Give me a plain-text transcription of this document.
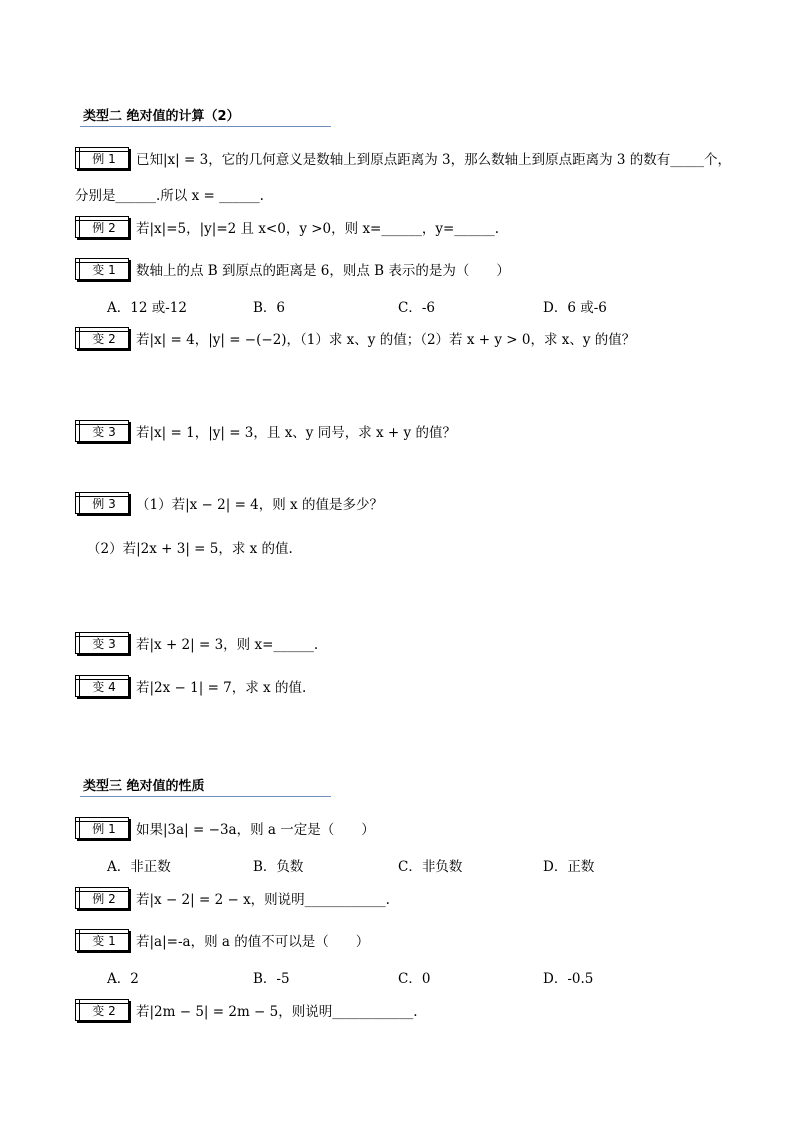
类型二 绝对值的计算（2）
例 1	已知|x| = 3，它的几何意义是数轴上到原点距离为 3，那么数轴上到原点距离为 3 的数有_____个，
分别是______.所以 x = ______.
例 2	若|x|=5，|y|=2 且 x<0，y >0，则 x=______，y=______.
变 1	数轴上的点 B 到原点的距离是 6，则点 B 表示的是为（　　）
A．12 或-12	B．6	C．-6	D．6 或-6
变 2	若|x| = 4，|y| = −(−2)，（1）求 x、y 的值；（2）若 x + y > 0，求 x、y 的值？
变 3	若|x| = 1，|y| = 3，且 x、y 同号，求 x + y 的值？
例 3	（1）若|x − 2| = 4，则 x 的值是多少？
（2）若|2x + 3| = 5，求 x 的值.
变 3	若|x + 2| = 3，则 x=______.
变 4	若|2x − 1| = 7，求 x 的值.
类型三 绝对值的性质
例 1	如果|3a| = −3a，则 a 一定是（　　）
A．非正数	B．负数	C．非负数	D．正数
例 2	若|x − 2| = 2 − x，则说明____________.
变 1	若|a|=-a，则 a 的值不可以是（　　）
A．2	B．-5	C．0	D．-0.5
变 2	若|2m − 5| = 2m − 5，则说明____________.
